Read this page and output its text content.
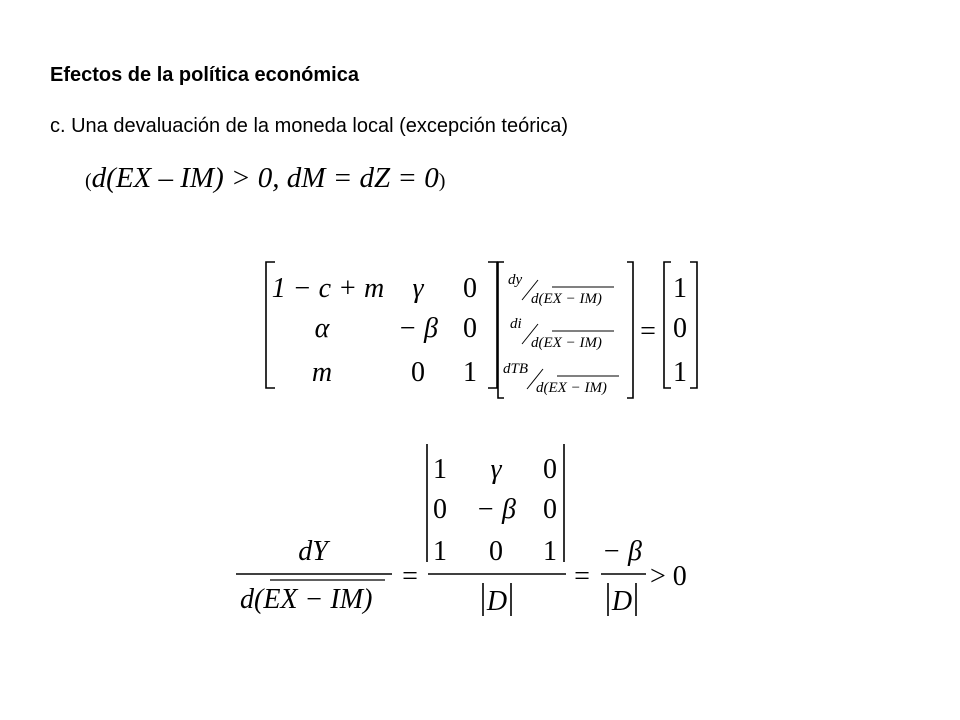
Efectos de la política económica
c. Una devaluación de la moneda local (excepción teórica)
(d(EX – IM) > 0, dM = dZ = 0)
1 − c + m γ 0
α − β 0
m	0 1
dy
d(EX − IM)
di
d(EX − IM)
dTB
d(EX − IM)
=
1
0
1
dY
d(EX − IM)
=
1 γ 0
0 − β 0
1 0 1
D
=
− β
D
> 0
